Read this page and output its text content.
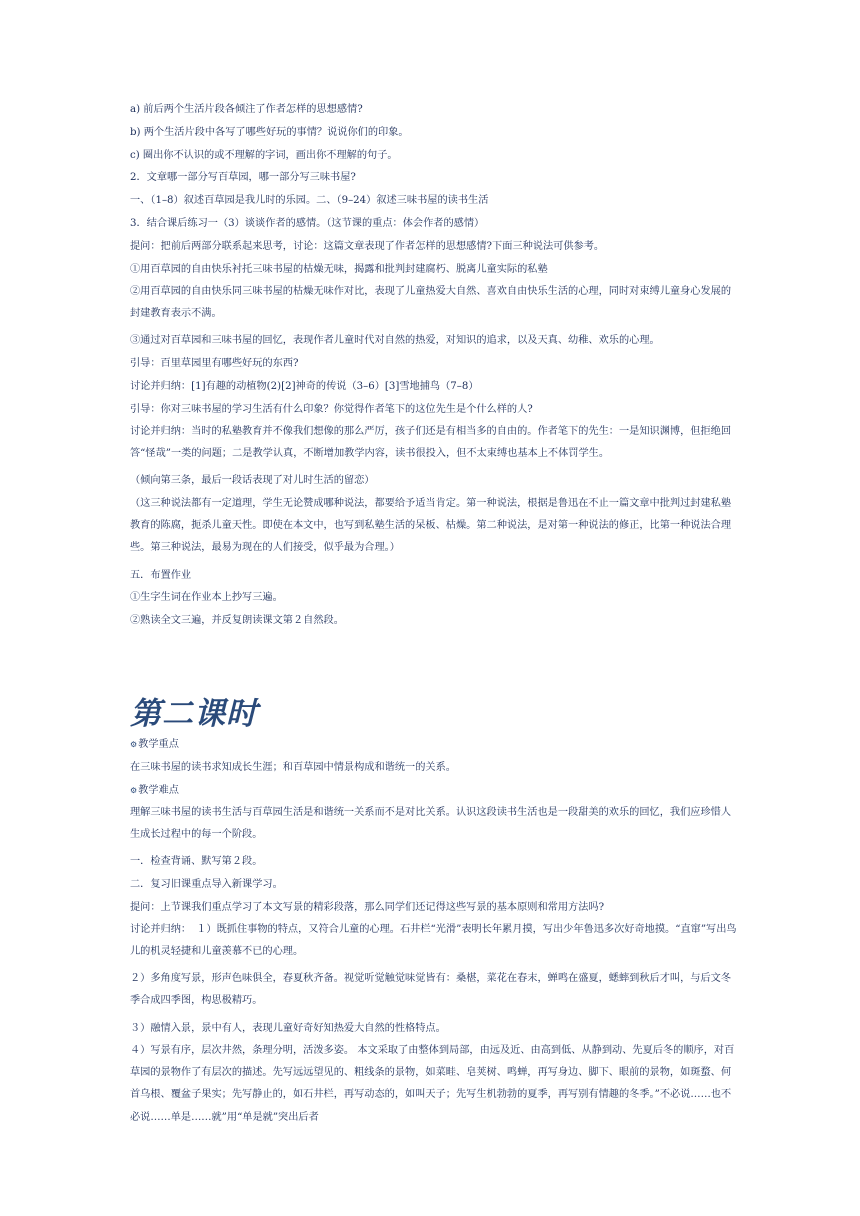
a) 前后两个生活片段各倾注了作者怎样的思想感情?

b) 两个生活片段中各写了哪些好玩的事情？说说你们的印象。

c) 圈出你不认识的或不理解的字词，画出你不理解的句子。

2．文章哪一部分写百草园，哪一部分写三味书屋?

一、（1–8）叙述百草园是我儿时的乐园。二、（9–24）叙述三味书屋的读书生活

3．结合课后练习一（3）谈谈作者的感情。（这节课的重点：体会作者的感情）

提问：把前后两部分联系起来思考，讨论：这篇文章表现了作者怎样的思想感情?下面三种说法可供参考。

①用百草园的自由快乐衬托三味书屋的枯燥无味，揭露和批判封建腐朽、脱离儿童实际的私塾

②用百草园的自由快乐同三味书屋的枯燥无味作对比，表现了儿童热爱大自然、喜欢自由快乐生活的心理，同时对束缚儿童身心发展的封建教育表示不满。

③通过对百草园和三味书屋的回忆，表现作者儿童时代对自然的热爱，对知识的追求，以及天真、幼稚、欢乐的心理。

引导：百里草园里有哪些好玩的东西?

讨论并归纳：[1]有趣的动植物(2)[2]神奇的传说（3–6）[3]雪地捕鸟（7–8）

引导：你对三味书屋的学习生活有什么印象？你觉得作者笔下的这位先生是个什么样的人?

讨论并归纳：当时的私塾教育并不像我们想像的那么严厉，孩子们还是有相当多的自由的。作者笔下的先生：一是知识渊博，但拒绝回答“怪哉”一类的问题；二是教学认真，不断增加教学内容，读书很投入，但不太束缚也基本上不体罚学生。

（倾向第三条，最后一段话表现了对儿时生活的留恋）

（这三种说法都有一定道理，学生无论赞成哪种说法，都要给予适当肯定。第一种说法，根据是鲁迅在不止一篇文章中批判过封建私塾教育的陈腐，扼杀儿童天性。即使在本文中，也写到私塾生活的呆板、枯燥。第二种说法，是对第一种说法的修正，比第一种说法合理些。第三种说法，最易为现在的人们接受，似乎最为合理。）

五．布置作业

①生字生词在作业本上抄写三遍。

②熟读全文三遍，并反复朗读课文第２自然段。

第二课时

⚙教学重点

在三味书屋的读书求知成长生涯；和百草园中情景构成和谐统一的关系。

⚙教学难点

理解三味书屋的读书生活与百草园生活是和谐统一关系而不是对比关系。认识这段读书生活也是一段甜美的欢乐的回忆，我们应珍惜人生成长过程中的每一个阶段。

一．检查背诵、默写第２段。

二．复习旧课重点导入新课学习。

提问：上节课我们重点学习了本文写景的精彩段落，那么同学们还记得这些写景的基本原则和常用方法吗?

讨论并归纳：　１）既抓住事物的特点，又符合儿童的心理。石井栏“光滑”表明长年累月摸，写出少年鲁迅多次好奇地摸。“直窜”写出鸟儿的机灵轻捷和儿童羡慕不已的心理。

２）多角度写景，形声色味俱全，春夏秋齐备。视觉听觉触觉味觉皆有：桑椹，菜花在春末，蝉鸣在盛夏，蟋蟀到秋后才叫，与后文冬季合成四季图，构思极精巧。

３）融情入景，景中有人，表现儿童好奇好知热爱大自然的性格特点。

４）写景有序，层次井然，条理分明，活泼多姿。 本文采取了由整体到局部，由远及近、由高到低、从静到动、先夏后冬的顺序，对百草园的景物作了有层次的描述。先写远远望见的、粗线条的景物，如菜畦、皂荚树、鸣蝉，再写身边、脚下、眼前的景物，如斑蝥、何首乌根、覆盆子果实；先写静止的，如石井栏，再写动态的，如叫天子；先写生机勃勃的夏季，再写别有情趣的冬季。”不必说……也不必说……单是……就”用“单是就”突出后者
